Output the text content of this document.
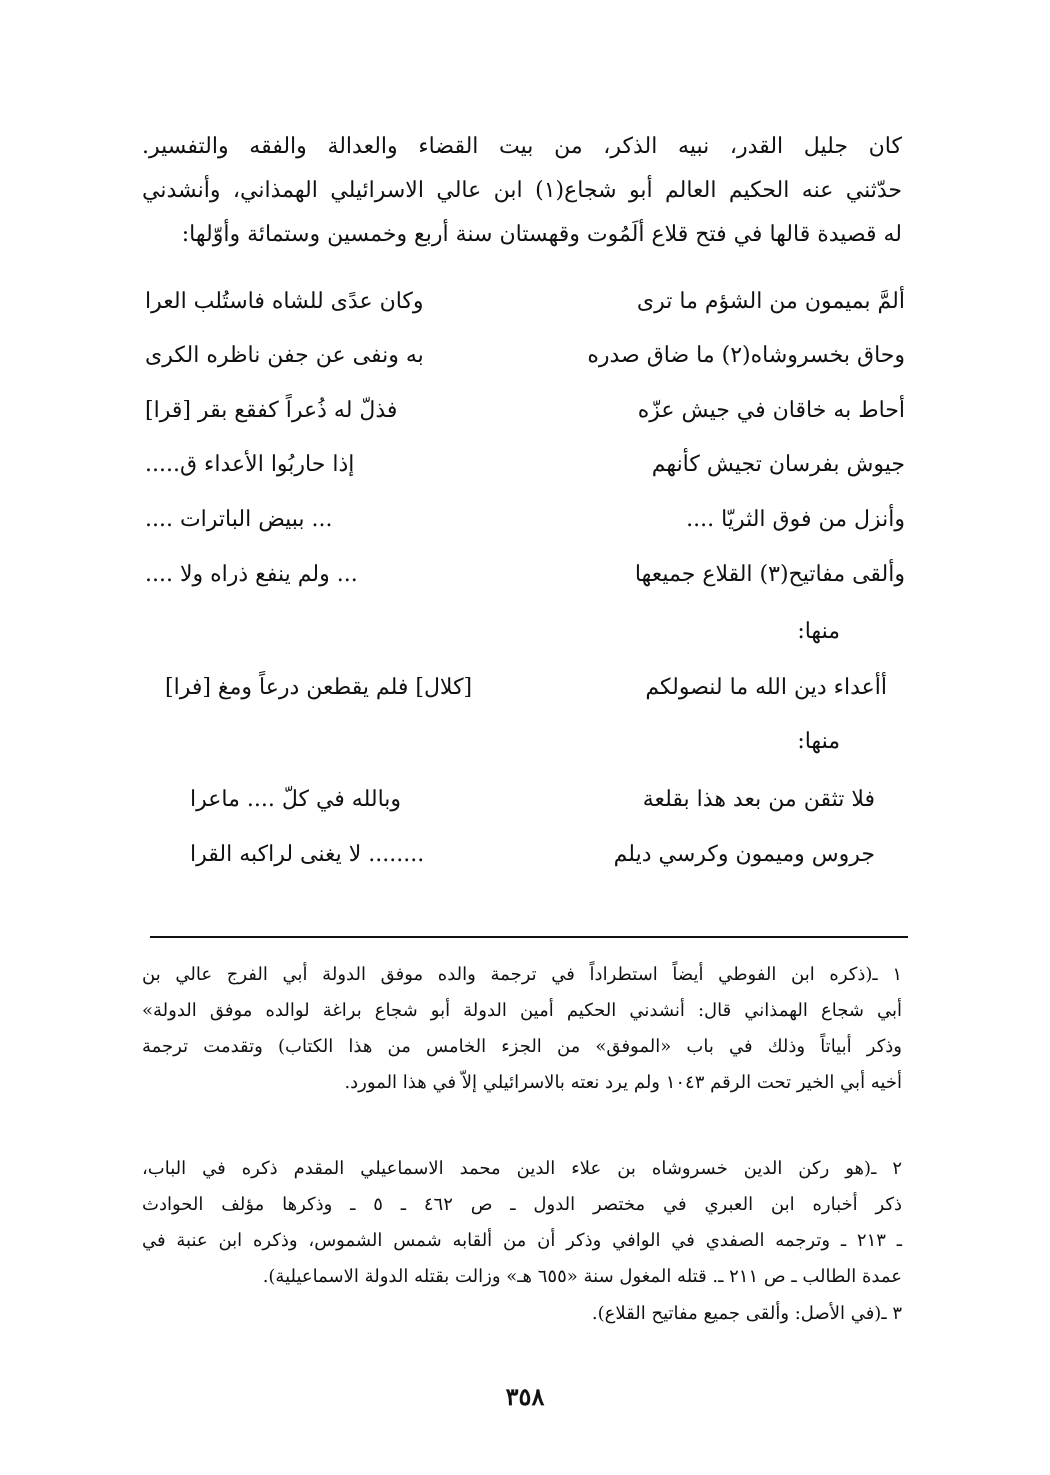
كان جليل القدر، نبيه الذكر، من بيت القضاء والعدالة والفقه والتفسير.
حدّثني عنه الحكيم العالم أبو شجاع(١) ابن عالي الاسرائيلي الهمذاني، وأنشدني
له قصيدة قالها في فتح قلاع ألَمُوت وقهستان سنة أربع وخمسين وستمائة وأوّلها:
ألمَّ بميمون من الشؤم ما ترى
وكان عدًى للشاه فاستُلب العرا
وحاق بخسروشاه(٢) ما ضاق صدره
به ونفى عن جفن ناظره الكرى
أحاط به خاقان في جيش عزّه
فذلّ له ذُعراً كفقع بقر [قرا]
جيوش بفرسان تجيش كأنهم
إذا حاربُوا الأعداء ق.....
وأنزل من فوق الثريّا ....
... ببيض الباترات ....
وألقى مفاتيح(٣) القلاع جميعها
... ولم ينفع ذراه ولا ....
منها:
أأعداء دين الله ما لنصولكم
[كلال] فلم يقطعن درعاً ومغ [فرا]
منها:
فلا تثقن من بعد هذا بقلعة
وبالله في كلّ .... ماعرا
جروس وميمون وكرسي ديلم
........ لا يغنى لراكبه القرا
١ ـ(ذكره ابن الفوطي أيضاً استطراداً في ترجمة والده موفق الدولة أبي الفرج عالي بن
أبي شجاع الهمذاني قال: أنشدني الحكيم أمين الدولة أبو شجاع براغة لوالده موفق الدولة»
وذكر أبياتاً وذلك في باب «الموفق» من الجزء الخامس من هذا الكتاب) وتقدمت ترجمة
أخيه أبي الخير تحت الرقم ١٠٤٣ ولم يرد نعته بالاسرائيلي إلاّ في هذا المورد.
٢ ـ(هو ركن الدين خسروشاه بن علاء الدين محمد الاسماعيلي المقدم ذكره في الباب،
ذكر أخباره ابن العبري في مختصر الدول ـ ص ٤٦٢ ـ ٥ ـ وذكرها مؤلف الحوادث
ـ ٢١٣ ـ وترجمه الصفدي في الوافي وذكر أن من ألقابه شمس الشموس، وذكره ابن عنبة في
عمدة الطالب ـ ص ٢١١ ـ. قتله المغول سنة «٦٥٥ هـ» وزالت بقتله الدولة الاسماعيلية).
٣ ـ(في الأصل: وألقى جميع مفاتيح القلاع).
٣٥٨
